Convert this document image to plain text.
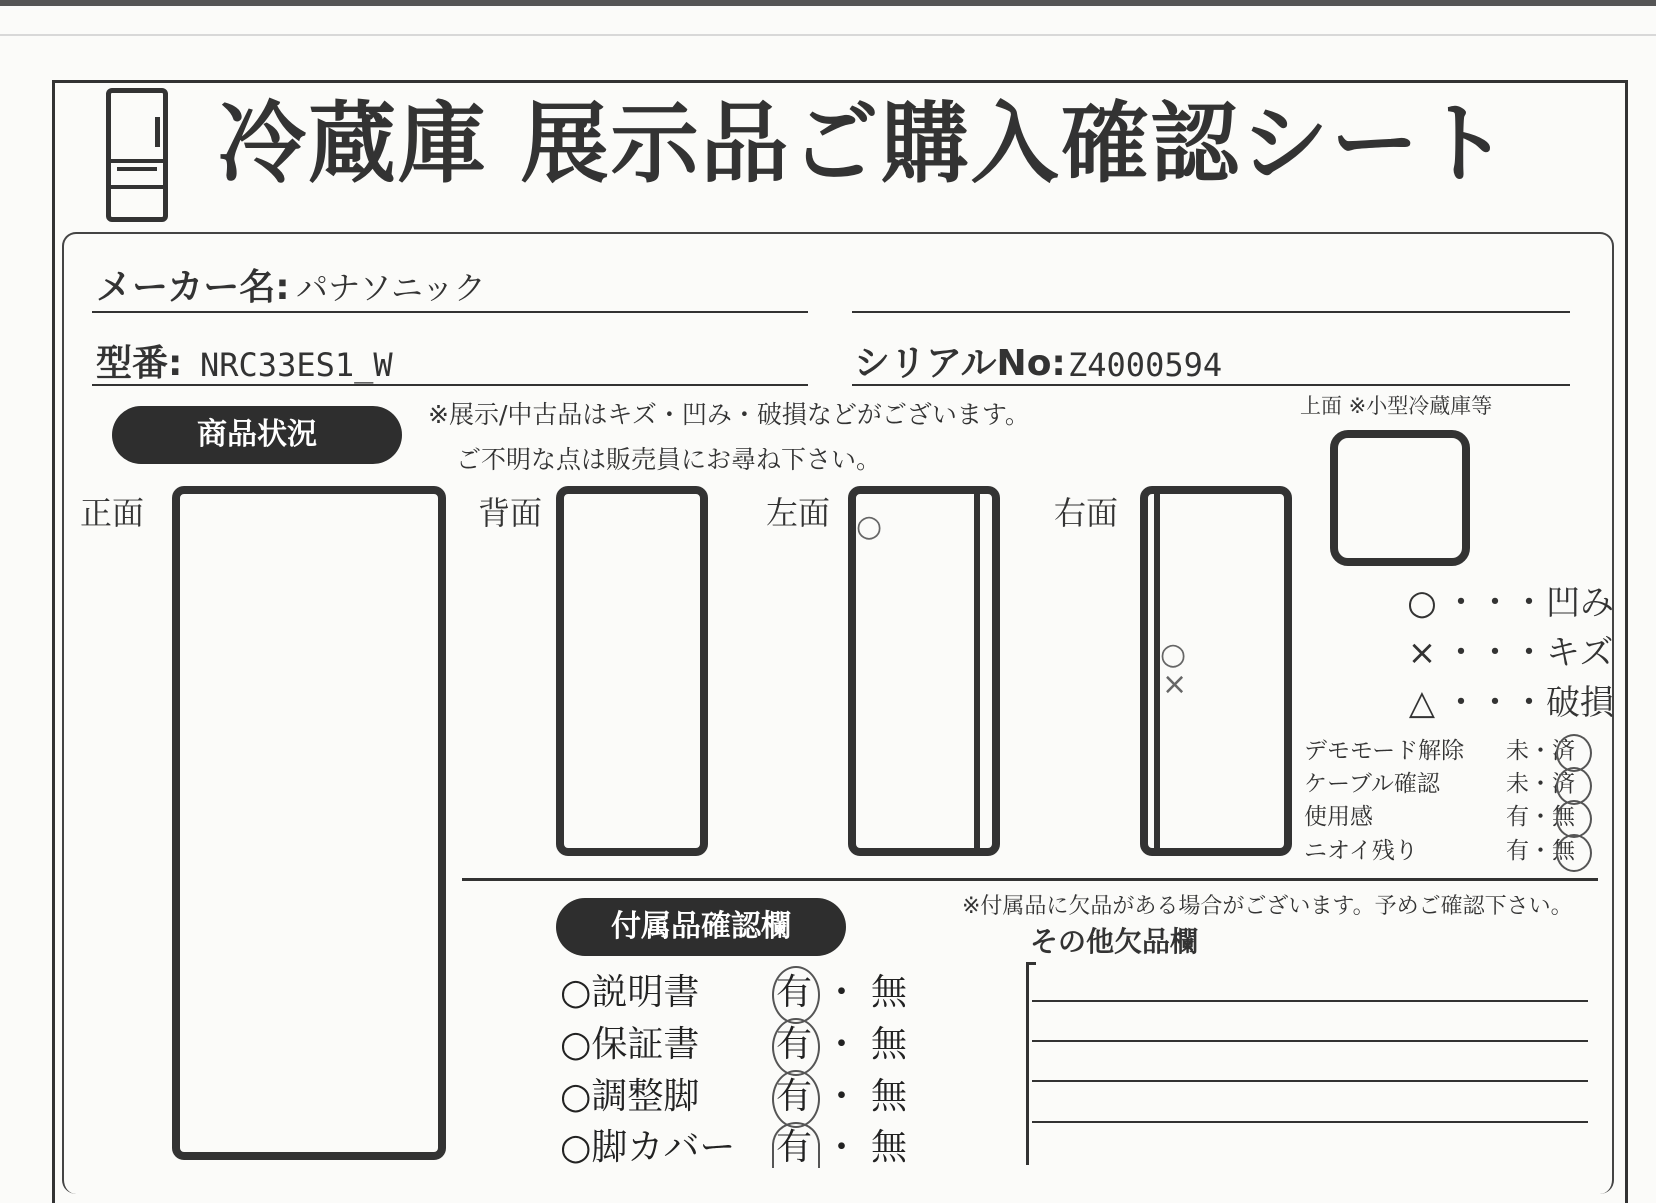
冷蔵庫 展示品ご購入確認シート
メーカー名: パナソニック
型番: NRC33ES1_W	シリアルNo: Z4000594
商品状況
※展示/中古品はキズ・凹み・破損などがございます。
ご不明な点は販売員にお尋ね下さい。
正面	背面	左面 ○	右面
○
×
上面 ※小型冷蔵庫等
○ ・・・凹み
× ・・・キズ
△ ・・・破損
デモモード解除 未・済
ケーブル確認	未・済
使用感	有・無
ニオイ残り	有・無
付属品確認欄
※付属品に欠品がある場合がございます。予めご確認下さい。
その他欠品欄
○説明書 有 ・ 無
○保証書 有 ・ 無
○調整脚 有 ・ 無
○脚カバー 有 ・ 無
